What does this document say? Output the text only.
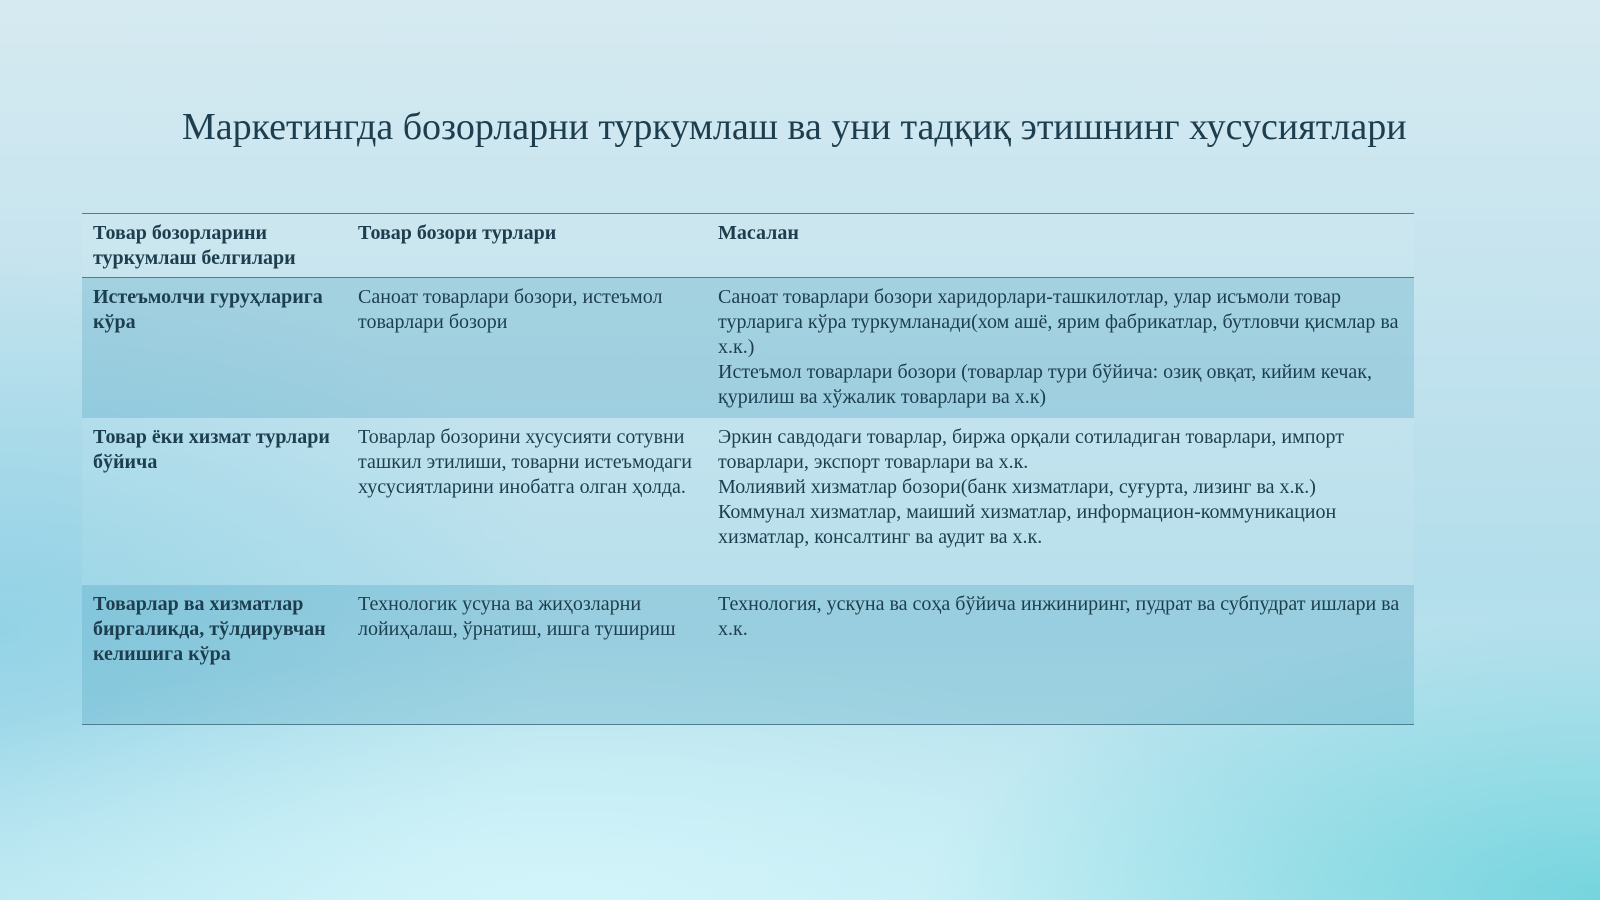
Маркетингда бозорларни туркумлаш ва уни тадқиқ этишнинг хусусиятлари
Товар бозорларини туркумлаш белгилари	Товар бозори турлари	Масалан
Истеъмолчи гуруҳларига кўра	Саноат товарлари бозори, истеъмол товарлари бозори	Саноат товарлари бозори харидорлари-ташкилотлар, улар исъмоли товар турларига кўра туркумланади(хом ашё, ярим фабрикатлар, бутловчи қисмлар ва х.к.)
Истеъмол товарлари бозори (товарлар тури бўйича: озиқ овқат, кийим кечак, қурилиш ва хўжалик товарлари ва х.к)
Товар ёки хизмат турлари бўйича	Товарлар бозорини хусусияти сотувни ташкил этилиши, товарни истеъмодаги хусусиятларини инобатга олган ҳолда.	Эркин савдодаги товарлар, биржа орқали сотиладиган товарлари, импорт товарлари, экспорт товарлари ва х.к.
Молиявий хизматлар бозори(банк хизматлари, суғурта, лизинг ва х.к.) Коммунал хизматлар, маиший хизматлар, информацион-коммуникацион хизматлар, консалтинг ва аудит ва х.к.
Товарлар ва хизматлар биргаликда, тўлдирувчан келишига кўра	Технологик усуна ва жиҳозларни лойиҳалаш, ўрнатиш, ишга тушириш	Технология, ускуна ва соҳа бўйича инжиниринг, пудрат ва субпудрат ишлари ва х.к.
